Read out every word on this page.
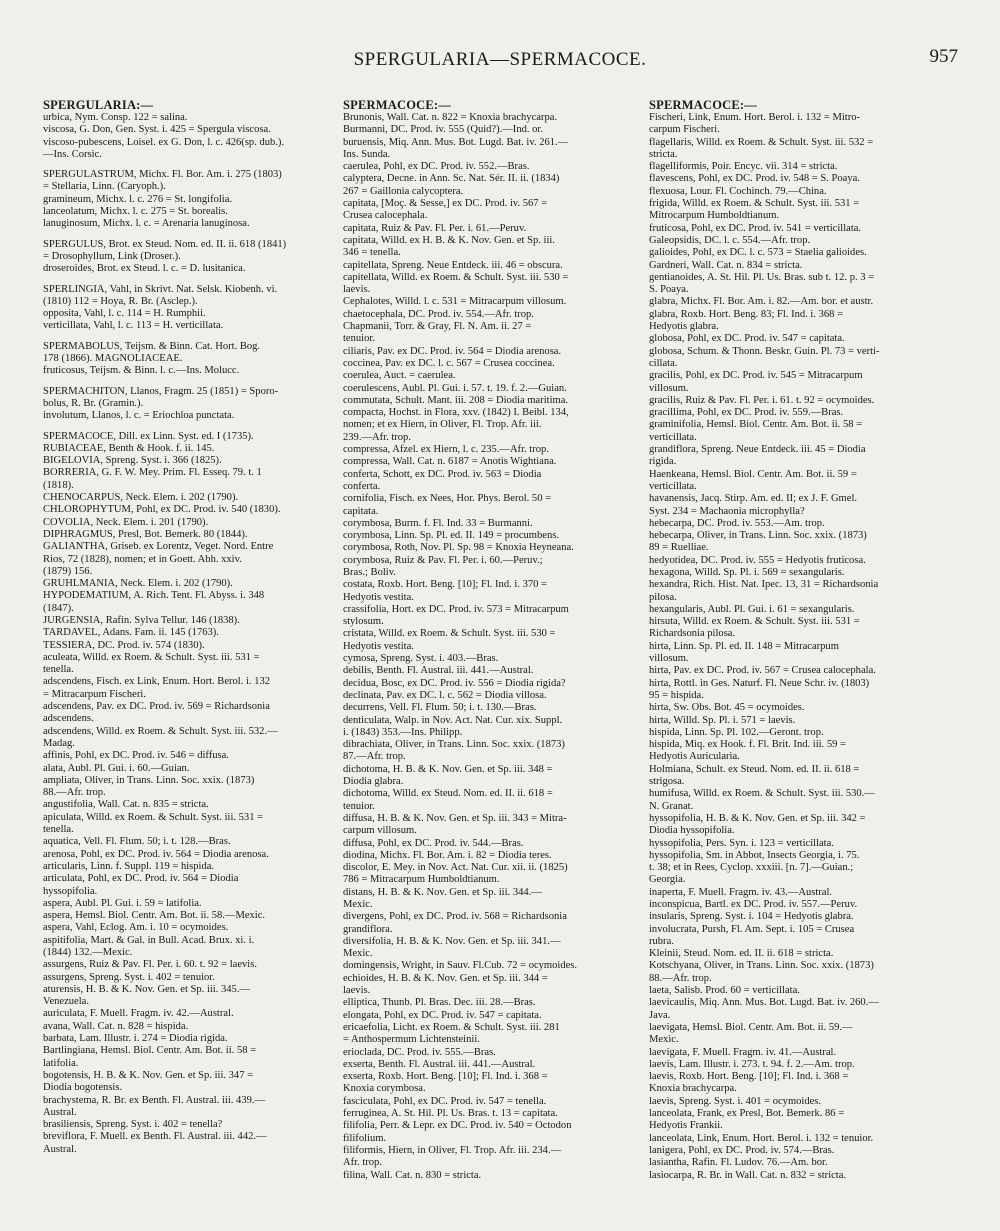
SPERGULARIA—SPERMACOCE.	957
SPERGULARIA:—
urbica, Nym. Consp. 122 = salina.
viscosa, G. Don, Gen. Syst. i. 425 = Spergula viscosa.
viscoso-pubescens, Loisel. ex G. Don, l. c. 426(sp. dub.).
—Ins. Corsic.
SPERGULASTRUM, Michx. Fl. Bor. Am. i. 275 (1803)
= Stellaria, Linn. (Caryoph.).
gramineum, Michx. l. c. 276 = St. longifolia.
lanceolatum, Michx. l. c. 275 = St. borealis.
lanuginosum, Michx. l. c. = Arenaria lanuginosa.
SPERGULUS, Brot. ex Steud. Nom. ed. II. ii. 618 (1841)
= Drosophyllum, Link (Droser.).
droseroides, Brot. ex Steud. l. c. = D. lusitanica.
SPERLINGIA, Vahl, in Skrivt. Nat. Selsk. Kiobenh. vi.
(1810) 112 = Hoya, R. Br. (Asclep.).
opposita, Vahl, l. c. 114 = H. Rumphii.
verticillata, Vahl, l. c. 113 = H. verticillata.
SPERMABOLUS, Teijsm. & Binn. Cat. Hort. Bog.
178 (1866). MAGNOLIACEAE.
fruticosus, Teijsm. & Binn. l. c.—Ins. Molucc.
SPERMACHITON, Llanos, Fragm. 25 (1851) = Sporo-
bolus, R. Br. (Gramin.).
involutum, Llanos, l. c. = Eriochloa punctata.
SPERMACOCE, Dill. ex Linn. Syst. ed. I (1735).
RUBIACEAE, Benth & Hook. f. ii. 145.
BIGELOVIA, Spreng. Syst. i. 366 (1825).
BORRERIA, G. F. W. Mey. Prim. Fl. Esseq. 79. t. 1
(1818).
CHENOCARPUS, Neck. Elem. i. 202 (1790).
CHLOROPHYTUM, Pohl, ex DC. Prod. iv. 540 (1830).
COVOLIA, Neck. Elem. i. 201 (1790).
DIPHRAGMUS, Presl, Bot. Bemerk. 80 (1844).
GALIANTHA, Griseb. ex Lorentz, Veget. Nord. Entre
Rios, 72 (1828), nomen; et in Goett. Abh. xxiv.
(1879) 156.
GRUHLMANIA, Neck. Elem. i. 202 (1790).
HYPODEMATIUM, A. Rich. Tent. Fl. Abyss. i. 348
(1847).
JURGENSIA, Rafin. Sylva Tellur. 146 (1838).
TARDAVEL, Adans. Fam. ii. 145 (1763).
TESSIERA, DC. Prod. iv. 574 (1830).
aculeata, Willd. ex Roem. & Schult. Syst. iii. 531 =
tenella.
adscendens, Fisch. ex Link, Enum. Hort. Berol. i. 132
= Mitracarpum Fischeri.
adscendens, Pav. ex DC. Prod. iv. 569 = Richardsonia
adscendens.
adscendens, Willd. ex Roem. & Schult. Syst. iii. 532.—
Madag.
affinis, Pohl, ex DC. Prod. iv. 546 = diffusa.
alata, Aubl. Pl. Gui. i. 60.—Guian.
ampliata, Oliver, in Trans. Linn. Soc. xxix. (1873)
88.—Afr. trop.
angustifolia, Wall. Cat. n. 835 = stricta.
apiculata, Willd. ex Roem. & Schult. Syst. iii. 531 =
tenella.
aquatica, Vell. Fl. Flum. 50; i. t. 128.—Bras.
arenosa, Pohl, ex DC. Prod. iv. 564 = Diodia arenosa.
articularis, Linn. f. Suppl. 119 = hispida.
articulata, Pohl, ex DC. Prod. iv. 564 = Diodia
hyssopifolia.
aspera, Aubl. Pl. Gui. i. 59 = latifolia.
aspera, Hemsl. Biol. Centr. Am. Bot. ii. 58.—Mexic.
aspera, Vahl, Eclog. Am. i. 10 = ocymoides.
aspitifolia, Mart. & Gal. in Bull. Acad. Brux. xi. i.
(1844) 132.—Mexic.
assurgens, Ruiz & Pav. Fl. Per. i. 60. t. 92 = laevis.
assurgens, Spreng. Syst. i. 402 = tenuior.
aturensis, H. B. & K. Nov. Gen. et Sp. iii. 345.—
Venezuela.
auriculata, F. Muell. Fragm. iv. 42.—Austral.
avana, Wall. Cat. n. 828 = hispida.
barbata, Lam. Illustr. i. 274 = Diodia rigida.
Bartlingiana, Hemsl. Biol. Centr. Am. Bot. ii. 58 =
latifolia.
bogotensis, H. B. & K. Nov. Gen. et Sp. iii. 347 =
Diodia bogotensis.
brachystema, R. Br. ex Benth. Fl. Austral. iii. 439.—
Austral.
brasiliensis, Spreng. Syst. i. 402 = tenella?
breviflora, F. Muell. ex Benth. Fl. Austral. iii. 442.—
Austral.
SPERMACOCE:—
Brunonis, Wall. Cat. n. 822 = Knoxia brachycarpa.
Burmanni, DC. Prod. iv. 555 (Quid?).—Ind. or.
buruensis, Miq. Ann. Mus. Bot. Lugd. Bat. iv. 261.—
Ins. Sunda.
caerulea, Pohl, ex DC. Prod. iv. 552.—Bras.
calyptera, Decne. in Ann. Sc. Nat. Sér. II. ii. (1834)
267 = Gaillonia calycoptera.
capitata, [Moç. & Sesse,] ex DC. Prod. iv. 567 =
Crusea calocephala.
capitata, Ruiz & Pav. Fl. Per. i. 61.—Peruv.
capitata, Willd. ex H. B. & K. Nov. Gen. et Sp. iii.
346 = tenella.
capitellata, Spreng. Neue Entdeck. iii. 46 = obscura.
capitellata, Willd. ex Roem. & Schult. Syst. iii. 530 =
laevis.
Cephalotes, Willd. l. c. 531 = Mitracarpum villosum.
chaetocephala, DC. Prod. iv. 554.—Afr. trop.
Chapmanii, Torr. & Gray, Fl. N. Am. ii. 27 =
tenuior.
ciliaris, Pav. ex DC. Prod. iv. 564 = Diodia arenosa.
coccinea, Pav. ex DC. l. c. 567 = Crusea coccinea.
coerulea, Auct. = caerulea.
coerulescens, Aubl. Pl. Gui. i. 57. t. 19. f. 2.—Guian.
commutata, Schult. Mant. iii. 208 = Diodia maritima.
compacta, Hochst. in Flora, xxv. (1842) I. Beibl. 134,
nomen; et ex Hiern, in Oliver, Fl. Trop. Afr. iii.
239.—Afr. trop.
compressa, Afzel. ex Hiern, l. c. 235.—Afr. trop.
compressa, Wall. Cat. n. 6187 = Anotis Wightiana.
conferta, Schott, ex DC. Prod. iv. 563 = Diodia
conferta.
cornifolia, Fisch. ex Nees, Hor. Phys. Berol. 50 =
capitata.
corymbosa, Burm. f. Fl. Ind. 33 = Burmanni.
corymbosa, Linn. Sp. Pl. ed. II. 149 = procumbens.
corymbosa, Roth, Nov. Pl. Sp. 98 = Knoxia Heyneana.
corymbosa, Ruiz & Pav. Fl. Per. i. 60.—Peruv.;
Bras.; Boliv.
costata, Roxb. Hort. Beng. [10]; Fl. Ind. i. 370 =
Hedyotis vestita.
crassifolia, Hort. ex DC. Prod. iv. 573 = Mitracarpum
stylosum.
cristata, Willd. ex Roem. & Schult. Syst. iii. 530 =
Hedyotis vestita.
cymosa, Spreng. Syst. i. 403.—Bras.
debilis, Benth. Fl. Austral. iii. 441.—Austral.
decidua, Bosc, ex DC. Prod. iv. 556 = Diodia rigida?
declinata, Pav. ex DC. l. c. 562 = Diodia villosa.
decurrens, Vell. Fl. Flum. 50; i. t. 130.—Bras.
denticulata, Walp. in Nov. Act. Nat. Cur. xix. Suppl.
i. (1843) 353.—Ins. Philipp.
dibrachiata, Oliver, in Trans. Linn. Soc. xxix. (1873)
87.—Afr. trop.
dichotoma, H. B. & K. Nov. Gen. et Sp. iii. 348 =
Diodia glabra.
dichotoma, Willd. ex Steud. Nom. ed. II. ii. 618 =
tenuior.
diffusa, H. B. & K. Nov. Gen. et Sp. iii. 343 = Mitra-
carpum villosum.
diffusa, Pohl, ex DC. Prod. iv. 544.—Bras.
diodina, Michx. Fl. Bor. Am. i. 82 = Diodia teres.
discolor, E. Mey. in Nov. Act. Nat. Cur. xii. ii. (1825)
786 = Mitracarpum Humboldtianum.
distans, H. B. & K. Nov. Gen. et Sp. iii. 344.—
Mexic.
divergens, Pohl, ex DC. Prod. iv. 568 = Richardsonia
grandiflora.
diversifolia, H. B. & K. Nov. Gen. et Sp. iii. 341.—
Mexic.
domingensis, Wright, in Sauv. Fl.Cub. 72 = ocymoides.
echioides, H. B. & K. Nov. Gen. et Sp. iii. 344 =
laevis.
elliptica, Thunb. Pl. Bras. Dec. iii. 28.—Bras.
elongata, Pohl, ex DC. Prod. iv. 547 = capitata.
ericaefolia, Licht. ex Roem. & Schult. Syst. iii. 281
= Anthospermum Lichtensteinii.
erioclada, DC. Prod. iv. 555.—Bras.
exserta, Benth. Fl. Austral. iii. 441.—Austral.
exserta, Roxb. Hort. Beng. [10]; Fl. Ind. i. 368 =
Knoxia corymbosa.
fasciculata, Pohl, ex DC. Prod. iv. 547 = tenella.
ferruginea, A. St. Hil. Pl. Us. Bras. t. 13 = capitata.
filifolia, Perr. & Lepr. ex DC. Prod. iv. 540 = Octodon
filifolium.
filiformis, Hiern, in Oliver, Fl. Trop. Afr. iii. 234.—
Afr. trop.
filina, Wall. Cat. n. 830 = stricta.
SPERMACOCE:—
Fischeri, Link, Enum. Hort. Berol. i. 132 = Mitro-
carpum Fischeri.
flagellaris, Willd. ex Roem. & Schult. Syst. iii. 532 =
stricta.
flagelliformis, Poir. Encyc. vii. 314 = stricta.
flavescens, Pohl, ex DC. Prod. iv. 548 = S. Poaya.
flexuosa, Lour. Fl. Cochinch. 79.—China.
frigida, Willd. ex Roem. & Schult. Syst. iii. 531 =
Mitrocarpum Humboldtianum.
fruticosa, Pohl, ex DC. Prod. iv. 541 = verticillata.
Galeopsidis, DC. l. c. 554.—Afr. trop.
galioides, Pohl, ex DC. l. c. 573 = Staelia galioides.
Gardneri, Wall. Cat. n. 834 = stricta.
gentianoides, A. St. Hil. Pl. Us. Bras. sub t. 12. p. 3 =
S. Poaya.
glabra, Michx. Fl. Bor. Am. i. 82.—Am. bor. et austr.
glabra, Roxb. Hort. Beng. 83; Fl. Ind. i. 368 =
Hedyotis glabra.
globosa, Pohl, ex DC. Prod. iv. 547 = capitata.
globosa, Schum. & Thonn. Beskr. Guin. Pl. 73 = verti-
cillata.
gracilis, Pohl, ex DC. Prod. iv. 545 = Mitracarpum
villosum.
gracilis, Ruiz & Pav. Fl. Per. i. 61. t. 92 = ocymoides.
gracillima, Pohl, ex DC. Prod. iv. 559.—Bras.
graminifolia, Hemsl. Biol. Centr. Am. Bot. ii. 58 =
verticillata.
grandiflora, Spreng. Neue Entdeck. iii. 45 = Diodia
rigida.
Haenkeana, Hemsl. Biol. Centr. Am. Bot. ii. 59 =
verticillata.
havanensis, Jacq. Stirp. Am. ed. II; ex J. F. Gmel.
Syst. 234 = Machaonia microphylla?
hebecarpa, DC. Prod. iv. 553.—Am. trop.
hebecarpa, Oliver, in Trans. Linn. Soc. xxix. (1873)
89 = Ruelliae.
hedyotidea, DC. Prod. iv. 555 = Hedyotis fruticosa.
hexagona, Willd. Sp. Pl. i. 569 = sexangularis.
hexandra, Rich. Hist. Nat. Ipec. 13, 31 = Richardsonia
pilosa.
hexangularis, Aubl. Pl. Gui. i. 61 = sexangularis.
hirsuta, Willd. ex Roem. & Schult. Syst. iii. 531 =
Richardsonia pilosa.
hirta, Linn. Sp. Pl. ed. II. 148 = Mitracarpum
villosum.
hirta, Pav. ex DC. Prod. iv. 567 = Crusea calocephala.
hirta, Rottl. in Ges. Naturf. Fl. Neue Schr. iv. (1803)
95 = hispida.
hirta, Sw. Obs. Bot. 45 = ocymoides.
hirta, Willd. Sp. Pl. i. 571 = laevis.
hispida, Linn. Sp. Pl. 102.—Geront. trop.
hispida, Miq. ex Hook. f. Fl. Brit. Ind. iii. 59 =
Hedyotis Auricularia.
Holmiana, Schult. ex Steud. Nom. ed. II. ii. 618 =
strigosa.
humifusa, Willd. ex Roem. & Schult. Syst. iii. 530.—
N. Granat.
hyssopifolia, H. B. & K. Nov. Gen. et Sp. iii. 342 =
Diodia hyssopifolia.
hyssopifolia, Pers. Syn. i. 123 = verticillata.
hyssopifolia, Sm. in Abbot, Insects Georgia, i. 75.
t. 38; et in Rees, Cyclop. xxxiii. [n. 7].—Guian.;
Georgia.
inaperta, F. Muell. Fragm. iv. 43.—Austral.
inconspicua, Bartl. ex DC. Prod. iv. 557.—Peruv.
insularis, Spreng. Syst. i. 104 = Hedyotis glabra.
involucrata, Pursh, Fl. Am. Sept. i. 105 = Crusea
rubra.
Kleinii, Steud. Nom. ed. II. ii. 618 = stricta.
Kotschyana, Oliver, in Trans. Linn. Soc. xxix. (1873)
88.—Afr. trop.
laeta, Salisb. Prod. 60 = verticillata.
laevicaulis, Miq. Ann. Mus. Bot. Lugd. Bat. iv. 260.—
Java.
laevigata, Hemsl. Biol. Centr. Am. Bot. ii. 59.—
Mexic.
laevigata, F. Muell. Fragm. iv. 41.—Austral.
laevis, Lam. Illustr. i. 273. t. 94. f. 2.—Am. trop.
laevis, Roxb. Hort. Beng. [10]; Fl. Ind. i. 368 =
Knoxia brachycarpa.
laevis, Spreng. Syst. i. 401 = ocymoides.
lanceolata, Frank, ex Presl, Bot. Bemerk. 86 =
Hedyotis Frankii.
lanceolata, Link, Enum. Hort. Berol. i. 132 = tenuior.
lanigera, Pohl, ex DC. Prod. iv. 574.—Bras.
lasiantha, Rafin. Fl. Ludov. 76.—Am. bor.
lasiocarpa, R. Br. in Wall. Cat. n. 832 = stricta.
